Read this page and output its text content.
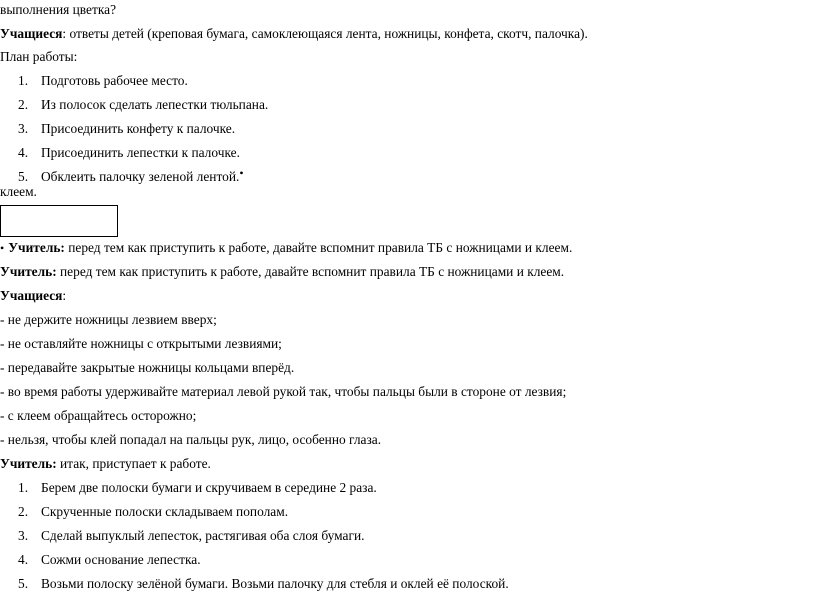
выполнения цветка?
Учащиеся: ответы детей (креповая бумага, самоклеющаяся лента, ножницы, конфета, скотч, палочка).
План работы:
1. Подготовь рабочее место.
2. Из полосок сделать лепестки тюльпана.
3. Присоединить конфету к палочке.
4. Присоединить лепестки к палочке.
5. Обклеить палочку зеленой лентой.•
клеем.
• Учитель: перед тем как приступить к работе, давайте вспомнит правила ТБ с ножницами и клеем.
Учитель: перед тем как приступить к работе, давайте вспомнит правила ТБ с ножницами и клеем.
Учащиеся:
- не держите ножницы лезвием вверх;
- не оставляйте ножницы с открытыми лезвиями;
- передавайте закрытые ножницы кольцами вперёд.
- во время работы удерживайте материал левой рукой так, чтобы пальцы были в стороне от лезвия;
- с клеем обращайтесь осторожно;
- нельзя, чтобы клей попадал на пальцы рук, лицо, особенно глаза.
Учитель: итак, приступает к работе.
1. Берем две полоски бумаги и скручиваем в середине 2 раза.
2. Скрученные полоски складываем пополам.
3. Сделай выпуклый лепесток, растягивая оба слоя бумаги.
4. Сожми основание лепестка.
5. Возьми полоску зелёной бумаги. Возьми палочку для стебля и оклей её полоской.
